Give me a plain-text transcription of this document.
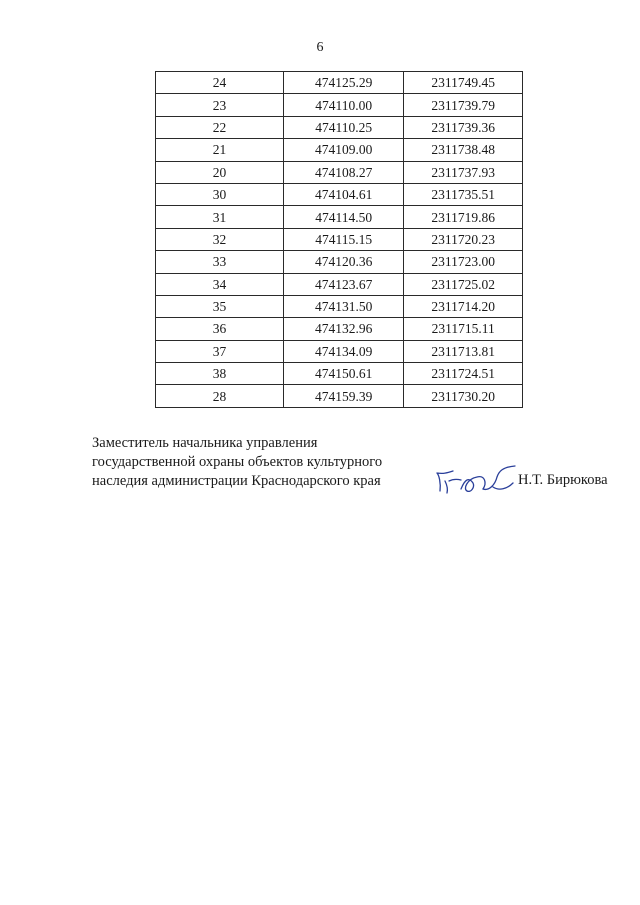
6
24	474125.29	2311749.45
23	474110.00	2311739.79
22	474110.25	2311739.36
21	474109.00	2311738.48
20	474108.27	2311737.93
30	474104.61	2311735.51
31	474114.50	2311719.86
32	474115.15	2311720.23
33	474120.36	2311723.00
34	474123.67	2311725.02
35	474131.50	2311714.20
36	474132.96	2311715.11
37	474134.09	2311713.81
38	474150.61	2311724.51
28	474159.39	2311730.20
Заместитель начальника управления
государственной охраны объектов культурного
наследия администрации Краснодарского края	Н.Т. Бирюкова
